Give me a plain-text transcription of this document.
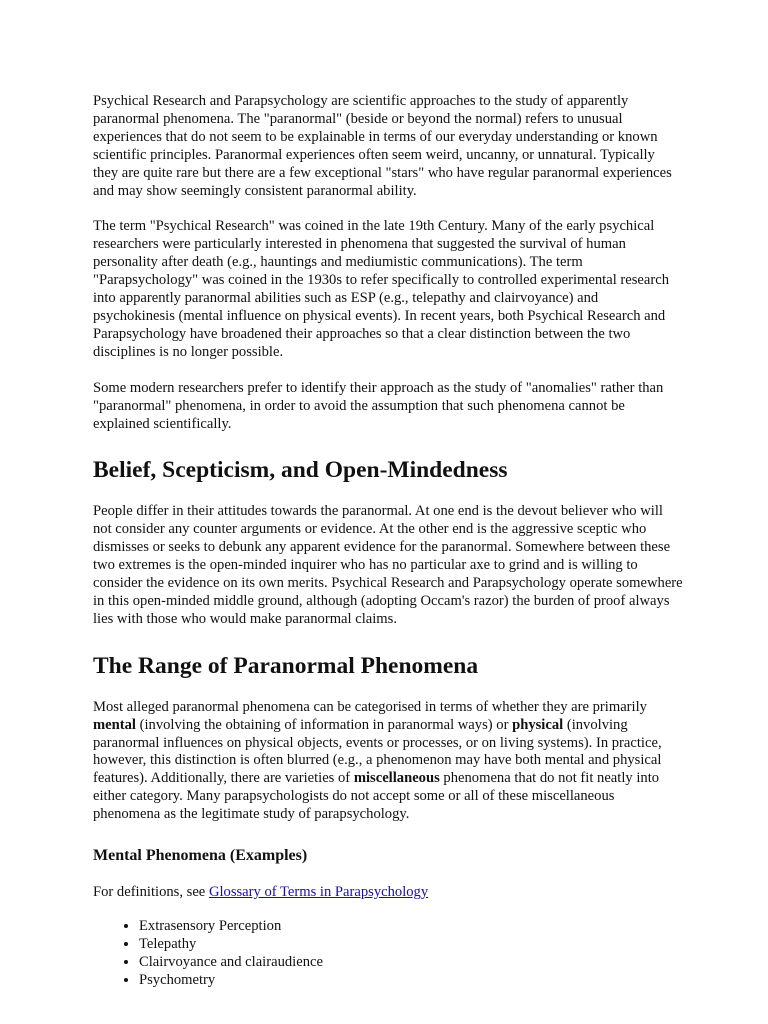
Psychical Research and Parapsychology are scientific approaches to the study of apparently paranormal phenomena. The "paranormal" (beside or beyond the normal) refers to unusual experiences that do not seem to be explainable in terms of our everyday understanding or known scientific principles. Paranormal experiences often seem weird, uncanny, or unnatural. Typically they are quite rare but there are a few exceptional "stars" who have regular paranormal experiences and may show seemingly consistent paranormal ability.

The term "Psychical Research" was coined in the late 19th Century. Many of the early psychical researchers were particularly interested in phenomena that suggested the survival of human personality after death (e.g., hauntings and mediumistic communications). The term "Parapsychology" was coined in the 1930s to refer specifically to controlled experimental research into apparently paranormal abilities such as ESP (e.g., telepathy and clairvoyance) and psychokinesis (mental influence on physical events). In recent years, both Psychical Research and Parapsychology have broadened their approaches so that a clear distinction between the two disciplines is no longer possible.

Some modern researchers prefer to identify their approach as the study of "anomalies" rather than "paranormal" phenomena, in order to avoid the assumption that such phenomena cannot be explained scientifically.

Belief, Scepticism, and Open-Mindedness

People differ in their attitudes towards the paranormal. At one end is the devout believer who will not consider any counter arguments or evidence. At the other end is the aggressive sceptic who dismisses or seeks to debunk any apparent evidence for the paranormal. Somewhere between these two extremes is the open-minded inquirer who has no particular axe to grind and is willing to consider the evidence on its own merits. Psychical Research and Parapsychology operate somewhere in this open-minded middle ground, although (adopting Occam's razor) the burden of proof always lies with those who would make paranormal claims.

The Range of Paranormal Phenomena

Most alleged paranormal phenomena can be categorised in terms of whether they are primarily mental (involving the obtaining of information in paranormal ways) or physical (involving paranormal influences on physical objects, events or processes, or on living systems). In practice, however, this distinction is often blurred (e.g., a phenomenon may have both mental and physical features). Additionally, there are varieties of miscellaneous phenomena that do not fit neatly into either category. Many parapsychologists do not accept some or all of these miscellaneous phenomena as the legitimate study of parapsychology.

Mental Phenomena (Examples)

For definitions, see Glossary of Terms in Parapsychology

• Extrasensory Perception
• Telepathy
• Clairvoyance and clairaudience
• Psychometry
